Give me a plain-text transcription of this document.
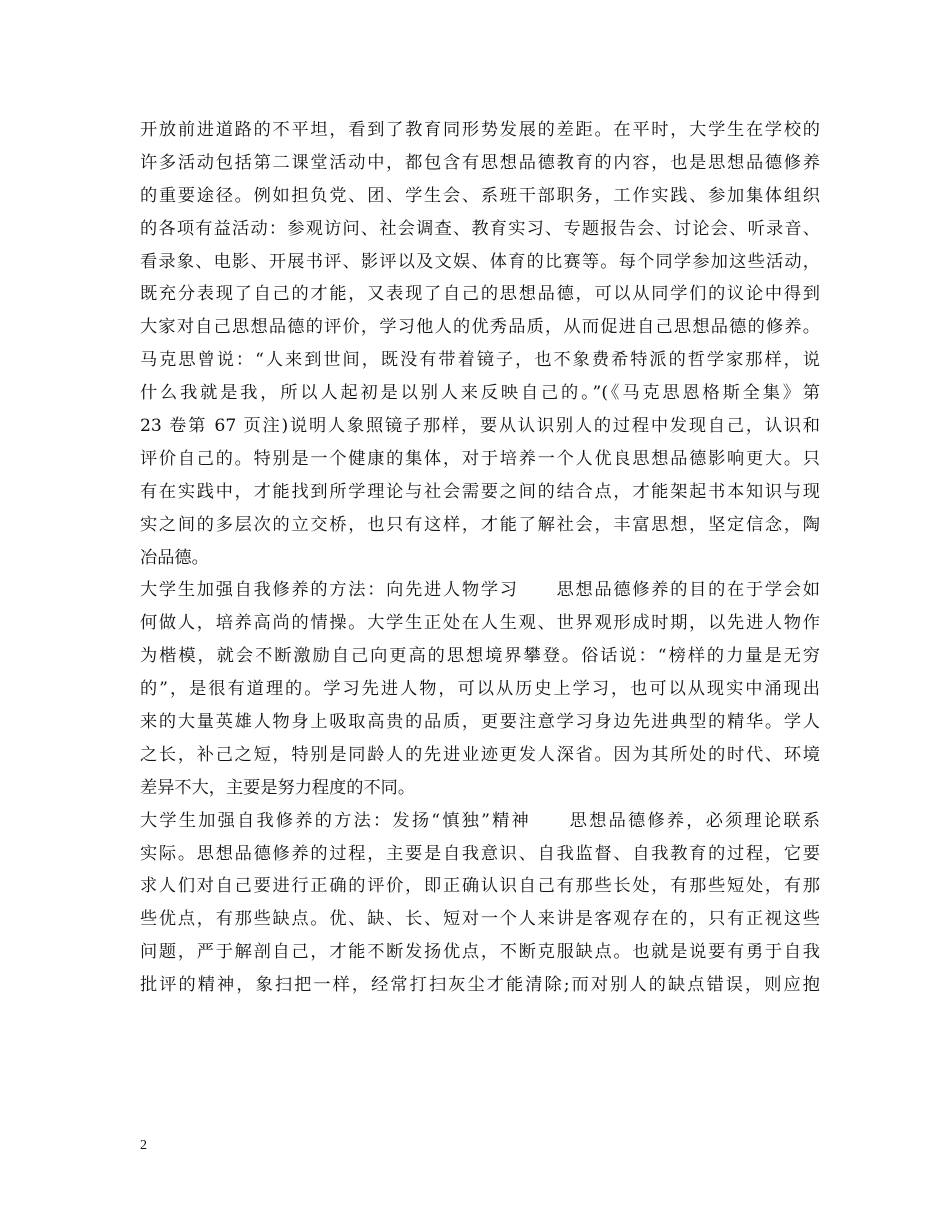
开放前进道路的不平坦，看到了教育同形势发展的差距。在平时，大学生在学校的
许多活动包括第二课堂活动中，都包含有思想品德教育的内容，也是思想品德修养
的重要途径。例如担负党、团、学生会、系班干部职务，工作实践、参加集体组织
的各项有益活动：参观访问、社会调查、教育实习、专题报告会、讨论会、听录音、
看录象、电影、开展书评、影评以及文娱、体育的比赛等。每个同学参加这些活动，
既充分表现了自己的才能，又表现了自己的思想品德，可以从同学们的议论中得到
大家对自己思想品德的评价，学习他人的优秀品质，从而促进自己思想品德的修养。
马克思曾说：“人来到世间，既没有带着镜子，也不象费希特派的哲学家那样，说
什么我就是我，所以人起初是以别人来反映自己的。”(《马克思恩格斯全集》第
23 卷第 67 页注)说明人象照镜子那样，要从认识别人的过程中发现自己，认识和
评价自己的。特别是一个健康的集体，对于培养一个人优良思想品德影响更大。只
有在实践中，才能找到所学理论与社会需要之间的结合点，才能架起书本知识与现
实之间的多层次的立交桥，也只有这样，才能了解社会，丰富思想，坚定信念，陶
冶品德。
大学生加强自我修养的方法：向先进人物学习　　思想品德修养的目的在于学会如
何做人，培养高尚的情操。大学生正处在人生观、世界观形成时期，以先进人物作
为楷模，就会不断激励自己向更高的思想境界攀登。俗话说：“榜样的力量是无穷
的”，是很有道理的。学习先进人物，可以从历史上学习，也可以从现实中涌现出
来的大量英雄人物身上吸取高贵的品质，更要注意学习身边先进典型的精华。学人
之长，补己之短，特别是同龄人的先进业迹更发人深省。因为其所处的时代、环境
差异不大，主要是努力程度的不同。
大学生加强自我修养的方法：发扬“慎独”精神　　思想品德修养，必须理论联系
实际。思想品德修养的过程，主要是自我意识、自我监督、自我教育的过程，它要
求人们对自己要进行正确的评价，即正确认识自己有那些长处，有那些短处，有那
些优点，有那些缺点。优、缺、长、短对一个人来讲是客观存在的，只有正视这些
问题，严于解剖自己，才能不断发扬优点，不断克服缺点。也就是说要有勇于自我
批评的精神，象扫把一样，经常打扫灰尘才能清除;而对别人的缺点错误，则应抱
2
